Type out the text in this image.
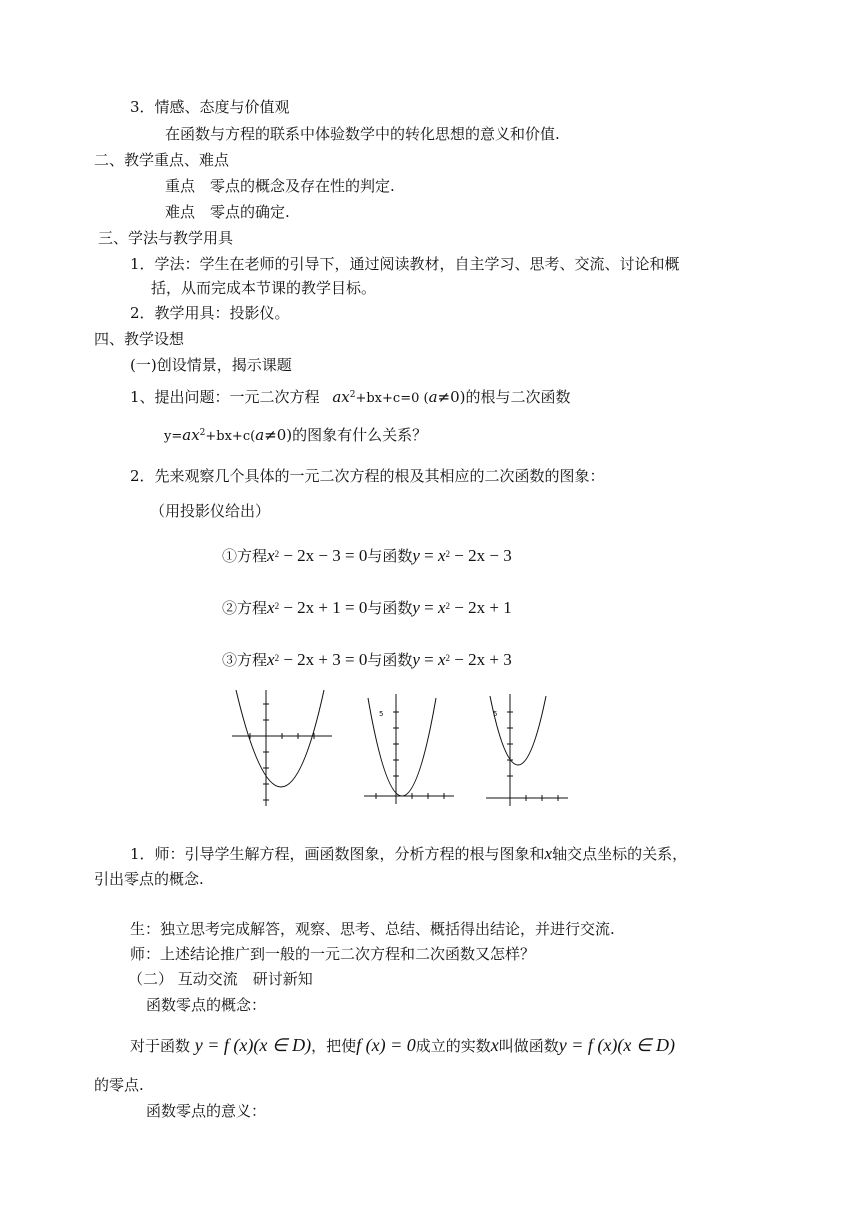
3．情感、态度与价值观
在函数与方程的联系中体验数学中的转化思想的意义和价值.
二、教学重点、难点
重点　零点的概念及存在性的判定.
难点　零点的确定.
三、学法与教学用具
1．学法：学生在老师的引导下，通过阅读教材，自主学习、思考、交流、讨论和概
括，从而完成本节课的教学目标。
2．教学用具：投影仪。
四、教学设想
(一)创设情景，揭示课题
1、提出问题：一元二次方程 $ax^2+bx+c=0$ (a≠0)的根与二次函数
$y=ax^2+bx+c(a\ne 0)$的图象有什么关系？
2．先来观察几个具体的一元二次方程的根及其相应的二次函数的图象：
（用投影仪给出）
①方程$x^2 - 2x - 3 = 0$与函数$y = x^2 - 2x - 3$
②方程$x^2 - 2x + 1 = 0$与函数$y = x^2 - 2x + 1$
③方程$x^2 - 2x + 3 = 0$与函数$y = x^2 - 2x + 3$
5	5
1．师：引导学生解方程，画函数图象，分析方程的根与图象和x轴交点坐标的关系，
引出零点的概念.
生：独立思考完成解答，观察、思考、总结、概括得出结论，并进行交流.
师：上述结论推广到一般的一元二次方程和二次函数又怎样？
（二） 互动交流　研讨新知
函数零点的概念：
对于函数 y = f (x)(x ∈ D)，把使f (x) = 0成立的实数x叫做函数y = f (x)(x ∈ D)
的零点.
函数零点的意义：
